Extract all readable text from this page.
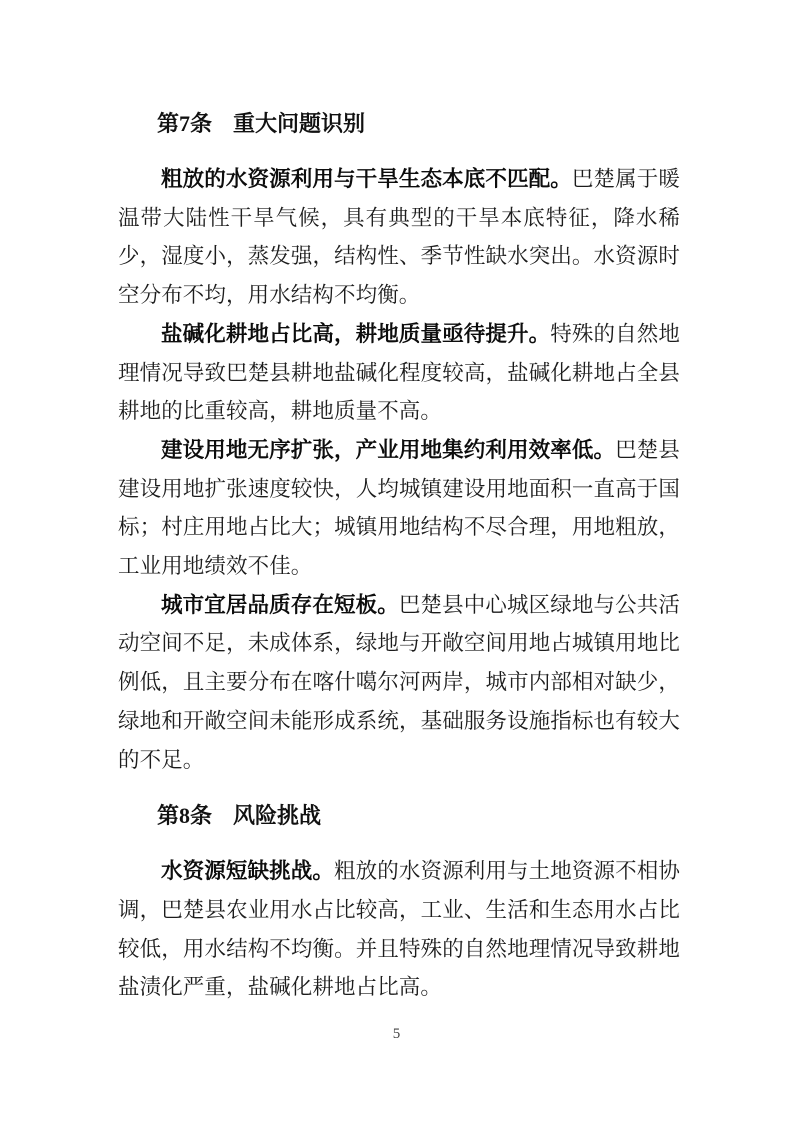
第7条 重大问题识别

粗放的水资源利用与干旱生态本底不匹配。巴楚属于暖温带大陆性干旱气候，具有典型的干旱本底特征，降水稀少，湿度小，蒸发强，结构性、季节性缺水突出。水资源时空分布不均，用水结构不均衡。

盐碱化耕地占比高，耕地质量亟待提升。特殊的自然地理情况导致巴楚县耕地盐碱化程度较高，盐碱化耕地占全县耕地的比重较高，耕地质量不高。

建设用地无序扩张，产业用地集约利用效率低。巴楚县建设用地扩张速度较快，人均城镇建设用地面积一直高于国标；村庄用地占比大；城镇用地结构不尽合理，用地粗放，工业用地绩效不佳。

城市宜居品质存在短板。巴楚县中心城区绿地与公共活动空间不足，未成体系，绿地与开敞空间用地占城镇用地比例低，且主要分布在喀什噶尔河两岸，城市内部相对缺少，绿地和开敞空间未能形成系统，基础服务设施指标也有较大的不足。

第8条 风险挑战

水资源短缺挑战。粗放的水资源利用与土地资源不相协调，巴楚县农业用水占比较高，工业、生活和生态用水占比较低，用水结构不均衡。并且特殊的自然地理情况导致耕地盐渍化严重，盐碱化耕地占比高。

5
